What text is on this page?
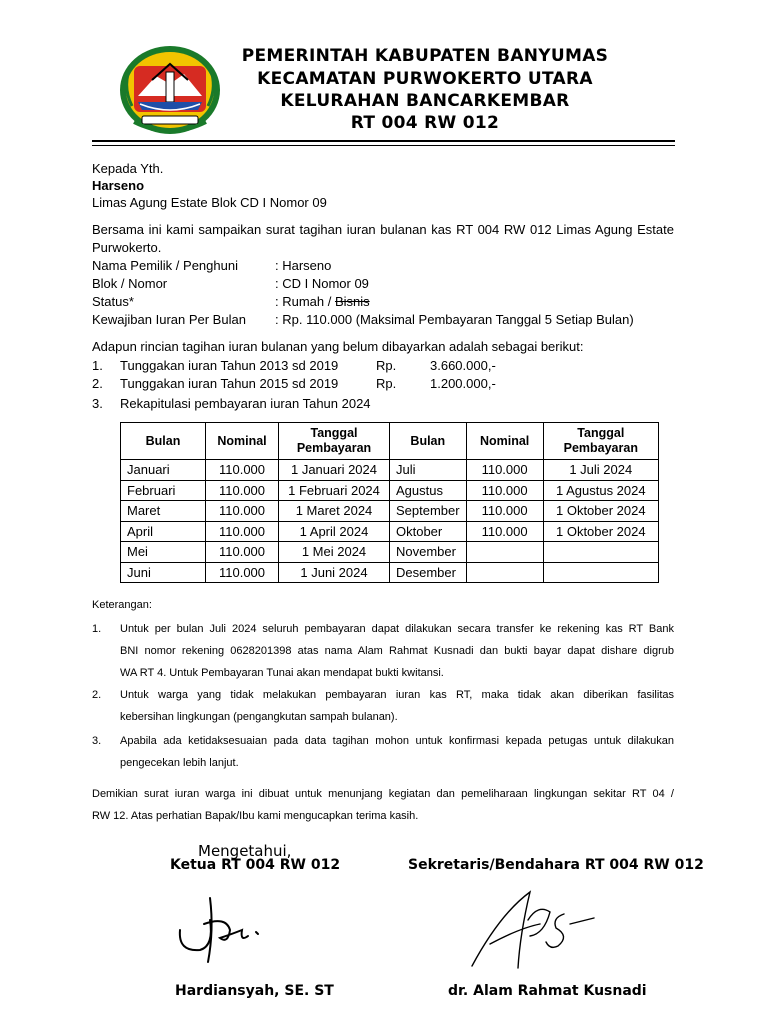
PEMERINTAH KABUPATEN BANYUMAS
KECAMATAN PURWOKERTO UTARA
KELURAHAN BANCARKEMBAR
RT 004 RW 012
Kepada Yth.
Harseno
Limas Agung Estate Blok CD I Nomor 09
Bersama ini kami sampaikan surat tagihan iuran bulanan kas RT 004 RW 012 Limas Agung Estate
Purwokerto.
Nama Pemilik / Penghuni	: Harseno
Blok / Nomor	: CD I Nomor 09
Status*	: Rumah / Bisnis
Kewajiban Iuran Per Bulan : Rp. 110.000 (Maksimal Pembayaran Tanggal 5 Setiap Bulan)
Adapun rincian tagihan iuran bulanan yang belum dibayarkan adalah sebagai berikut:
1. Tunggakan iuran Tahun 2013 sd 2019	Rp.	3.660.000,-
2. Tunggakan iuran Tahun 2015 sd 2019	Rp.	1.200.000,-
3. Rekapitulasi pembayaran iuran Tahun 2024
Bulan	Nominal	Tanggal Pembayaran	Bulan	Nominal	Tanggal Pembayaran
Januari	110.000	1 Januari 2024	Juli	110.000	1 Juli 2024
Februari	110.000	1 Februari 2024	Agustus	110.000	1 Agustus 2024
Maret	110.000	1 Maret 2024	September	110.000	1 Oktober 2024
April	110.000	1 April 2024	Oktober	110.000	1 Oktober 2024
Mei	110.000	1 Mei 2024	November		
Juni	110.000	1 Juni 2024	Desember		
Keterangan:
1. Untuk per bulan Juli 2024 seluruh pembayaran dapat dilakukan secara transfer ke rekening kas RT Bank
BNI nomor rekening 0628201398 atas nama Alam Rahmat Kusnadi dan bukti bayar dapat dishare digrub
WA RT 4. Untuk Pembayaran Tunai akan mendapat bukti kwitansi.
2. Untuk warga yang tidak melakukan pembayaran iuran kas RT, maka tidak akan diberikan fasilitas
kebersihan lingkungan (pengangkutan sampah bulanan).
3. Apabila ada ketidaksesuaian pada data tagihan mohon untuk konfirmasi kepada petugas untuk dilakukan
pengecekan lebih lanjut.
Demikian surat iuran warga ini dibuat untuk menunjang kegiatan dan pemeliharaan lingkungan sekitar RT 04 /
RW 12. Atas perhatian Bapak/Ibu kami mengucapkan terima kasih.
Mengetahui,
Ketua RT 004 RW 012	Sekretaris/Bendahara RT 004 RW 012
Hardiansyah, SE. ST	dr. Alam Rahmat Kusnadi
